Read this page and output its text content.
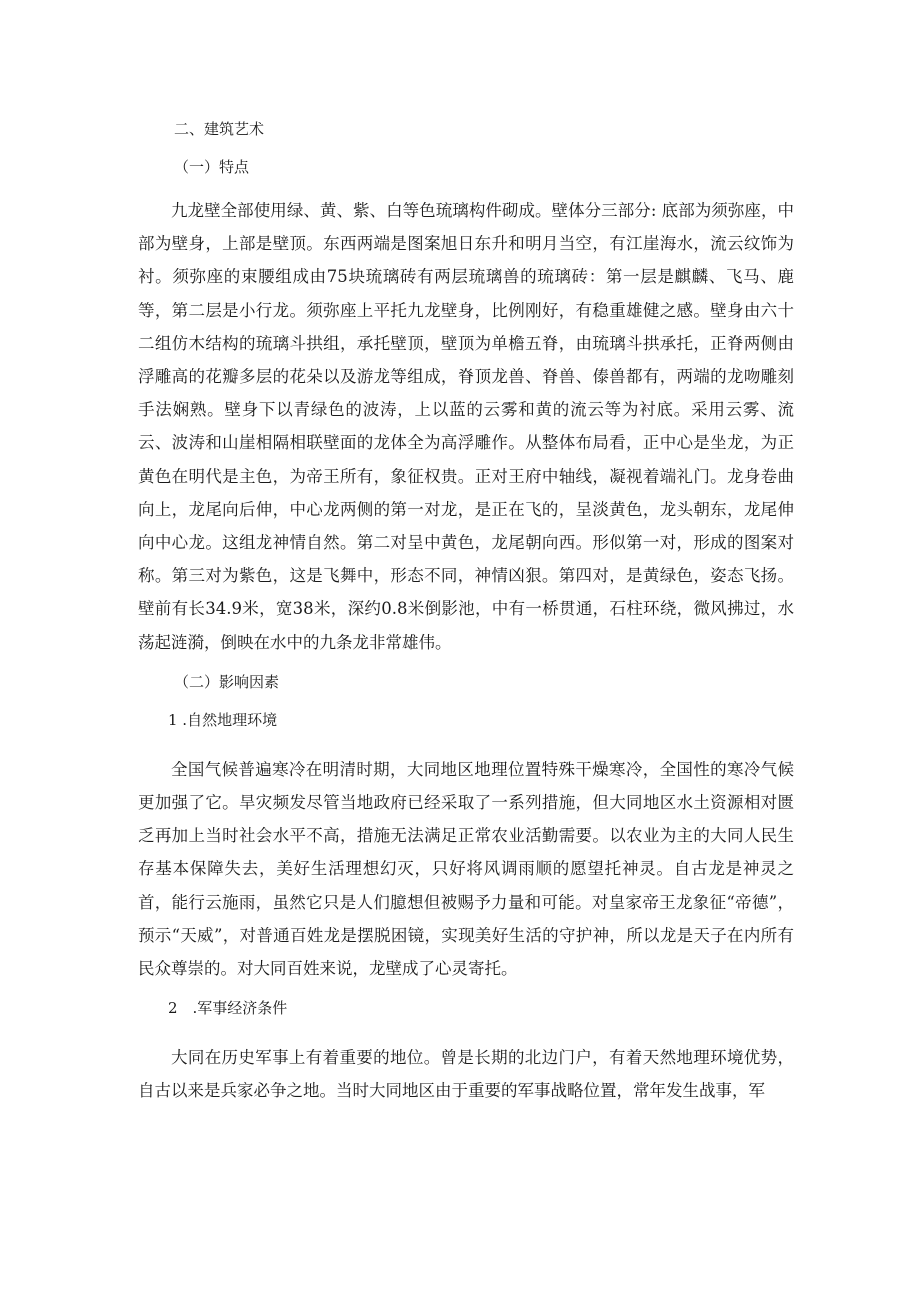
二、建筑艺术
（一）特点

九龙壁全部使用绿、黄、紫、白等色琉璃构件砌成。壁体分三部分: 底部为须弥座，中部为壁身，上部是壁顶。东西两端是图案旭日东升和明月当空，有江崖海水，流云纹饰为衬。须弥座的束腰组成由75块琉璃砖有两层琉璃兽的琉璃砖：第一层是麒麟、飞马、鹿等，第二层是小行龙。须弥座上平托九龙壁身，比例刚好，有稳重雄健之感。壁身由六十二组仿木结构的琉璃斗拱组，承托壁顶，壁顶为单檐五脊，由琉璃斗拱承托，正脊两侧由浮雕高的花瓣多层的花朵以及游龙等组成，脊顶龙兽、脊兽、傣兽都有，两端的龙吻雕刻手法娴熟。壁身下以青绿色的波涛，上以蓝的云雾和黄的流云等为衬底。采用云雾、流云、波涛和山崖相隔相联壁面的龙体全为高浮雕作。从整体布局看，正中心是坐龙，为正黄色在明代是主色，为帝王所有，象征权贵。正对王府中轴线，凝视着端礼门。龙身卷曲向上，龙尾向后伸，中心龙两侧的第一对龙，是正在飞的，呈淡黄色，龙头朝东，龙尾伸向中心龙。这组龙神情自然。第二对呈中黄色，龙尾朝向西。形似第一对，形成的图案对称。第三对为紫色，这是飞舞中，形态不同，神情凶狠。第四对，是黄绿色，姿态飞扬。壁前有长34.9米，宽38米，深约0.8米倒影池，中有一桥贯通，石柱环绕，微风拂过，水荡起涟漪，倒映在水中的九条龙非常雄伟。

（二）影响因素
1 .自然地理环境

全国气候普遍寒冷在明清时期，大同地区地理位置特殊干燥寒冷，全国性的寒冷气候更加强了它。旱灾频发尽管当地政府已经采取了一系列措施，但大同地区水土资源相对匮乏再加上当时社会水平不高，措施无法满足正常农业活勤需要。以农业为主的大同人民生存基本保障失去，美好生活理想幻灭，只好将风调雨顺的愿望托神灵。自古龙是神灵之首，能行云施雨，虽然它只是人们臆想但被赐予力量和可能。对皇家帝王龙象征“帝德”，预示“天威”，对普通百姓龙是摆脱困镜，实现美好生活的守护神，所以龙是天子在内所有民众尊崇的。对大同百姓来说，龙壁成了心灵寄托。

2　.军事经济条件

大同在历史军事上有着重要的地位。曾是长期的北边门户，有着天然地理环境优势，自古以来是兵家必争之地。当时大同地区由于重要的军事战略位置，常年发生战事，军
